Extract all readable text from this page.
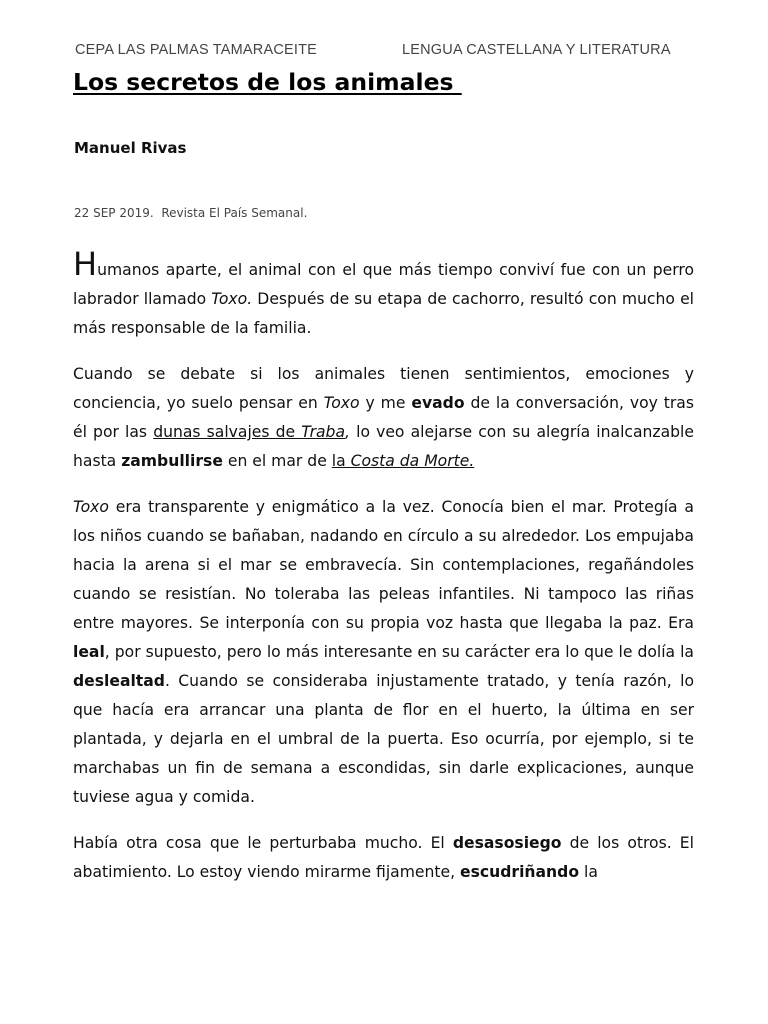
CEPA LAS PALMAS TAMARACEITE	LENGUA CASTELLANA Y LITERATURA
Los secretos de los animales

Manuel Rivas

22 SEP 2019.  Revista El País Semanal.

Humanos aparte, el animal con el que más tiempo conviví fue con un perro labrador llamado Toxo. Después de su etapa de cachorro, resultó con mucho el más responsable de la familia.

Cuando se debate si los animales tienen sentimientos, emociones y conciencia, yo suelo pensar en Toxo y me evado de la conversación, voy tras él por las dunas salvajes de Traba, lo veo alejarse con su alegría inalcanzable hasta zambullirse en el mar de la Costa da Morte.

Toxo era transparente y enigmático a la vez. Conocía bien el mar. Protegía a los niños cuando se bañaban, nadando en círculo a su alrededor. Los empujaba hacia la arena si el mar se embravecía. Sin contemplaciones, regañándoles cuando se resistían. No toleraba las peleas infantiles. Ni tampoco las riñas entre mayores. Se interponía con su propia voz hasta que llegaba la paz. Era leal, por supuesto, pero lo más interesante en su carácter era lo que le dolía la deslealtad. Cuando se consideraba injustamente tratado, y tenía razón, lo que hacía era arrancar una planta de flor en el huerto, la última en ser plantada, y dejarla en el umbral de la puerta. Eso ocurría, por ejemplo, si te marchabas un fin de semana a escondidas, sin darle explicaciones, aunque tuviese agua y comida.

Había otra cosa que le perturbaba mucho. El desasosiego de los otros. El abatimiento. Lo estoy viendo mirarme fijamente, escudriñando la
